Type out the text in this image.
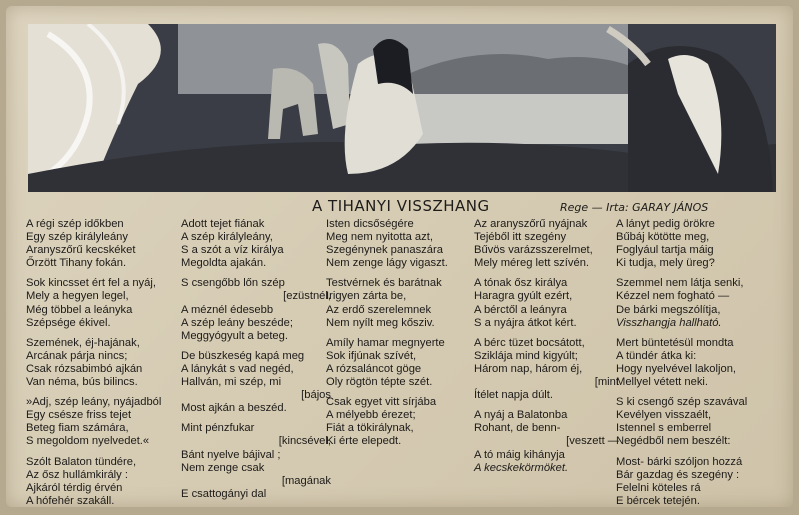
A TIHANYI VISSZHANG	Rege — Irta: GARAY JÁNOS
A régi szép időkben
Egy szép királyleány
Aranyszőrű kecskéket
Őrzött Tihany fokán.
Sok kincsset ért fel a nyáj,
Mely a hegyen legel,
Még többel a leányka
Szépsége ékivel.
Szemének, éj-hajának,
Arcának párja nincs;
Csak rózsabimbó ajkán
Van néma, bús bilincs.
»Adj, szép leány, nyájadból
Egy csésze friss tejet
Beteg fiam számára,
S megoldom nyelvedet.«
Szólt Balaton tündére,
Az ősz hullámkirály :
Ajkáról térdig érvén
A hófehér szakáll.
Adott tejet fiának
A szép királyleány,
S a szót a víz királya
Megoldta ajakán.
S csengőbb lőn szép
[ezüstnél,
A méznél édesebb
A szép leány beszéde;
Meggyógyult a beteg.
De büszkeség kapá meg
A lánykát s vad negéd,
Hallván, mi szép, mi
[bájos
Most ajkán a beszéd.
Mint pénzfukar
[kincsével,
Bánt nyelve bájival ;
Nem zenge csak
[magának
E csattogányi dal
Isten dicsőségére
Meg nem nyitotta azt,
Szegénynek panaszára
Nem zenge lágy vigaszt.
Testvérnek és barátnak
Irigyen zárta be,
Az erdő szerelemnek
Nem nyílt meg kősziv.
Amíly hamar megnyerte
Sok ifjúnak szívét,
A rózsaláncot göge
Oly rögtön tépte szét.
Csak egyet vitt sírjába
A mélyebb érezet;
Fiát a tökirálynak,
Ki érte elepedt.
Az aranyszőrű nyájnak
Tejéből itt szegény
Bűvös varázsszerelmet,
Mely méreg lett szívén.
A tónak ősz királya
Haragra gyúlt ezért,
A bérctől a leányra
S a nyájra átkot kért.
A bérc tüzet bocsátott,
Sziklája mind kigyúlt;
Három nap, három éj,
[mint
Ítélet napja dúlt.
A nyáj a Balatonba
Rohant, de benn-
[veszett —
A tó máig kihányja
A kecskekörmöket.
A lányt pedig örökre
Bűbáj kötötte meg,
Foglyául tartja máig
Ki tudja, mely üreg?
Szemmel nem látja senki,
Kézzel nem fogható —
De bárki megszólítja,
Visszhangja hallható.
Mert büntetésül mondta
A tündér átka ki:
Hogy nyelvével lakoljon,
Mellyel vétett neki.
S ki csengő szép szavával
Kevélyen visszaélt,
Istennel s emberrel
Negédből nem beszélt:
Most- bárki szóljon hozzá
Bár gazdag és szegény :
Felelni köteles rá
E bércek tetején.
